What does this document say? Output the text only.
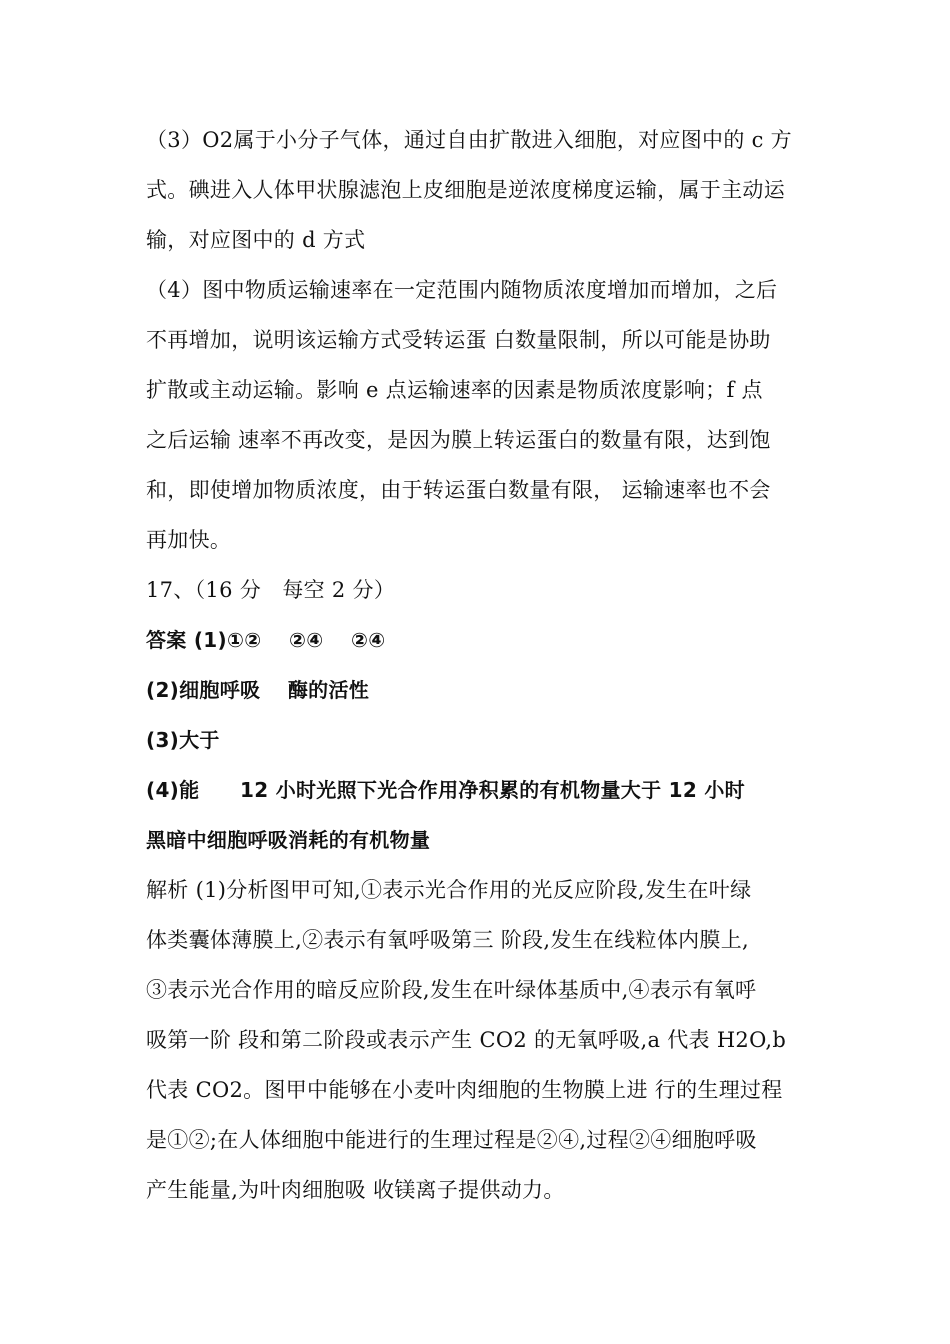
（3）O2属于小分子气体，通过自由扩散进入细胞，对应图中的 c 方
式。碘进入人体甲状腺滤泡上皮细胞是逆浓度梯度运输，属于主动运
输，对应图中的 d 方式
（4）图中物质运输速率在一定范围内随物质浓度增加而增加，之后
不再增加，说明该运输方式受转运蛋 白数量限制，所以可能是协助
扩散或主动运输。影响 e 点运输速率的因素是物质浓度影响；f 点
之后运输 速率不再改变，是因为膜上转运蛋白的数量有限，达到饱
和，即使增加物质浓度，由于转运蛋白数量有限， 运输速率也不会
再加快。
17、（16 分　每空 2 分）
答案 (1)①②　 ②④　 ②④
(2)细胞呼吸　 酶的活性
(3)大于
(4)能　　12 小时光照下光合作用净积累的有机物量大于 12 小时
黑暗中细胞呼吸消耗的有机物量
解析 (1)分析图甲可知,①表示光合作用的光反应阶段,发生在叶绿
体类囊体薄膜上,②表示有氧呼吸第三 阶段,发生在线粒体内膜上,
③表示光合作用的暗反应阶段,发生在叶绿体基质中,④表示有氧呼
吸第一阶 段和第二阶段或表示产生 CO2 的无氧呼吸,a 代表 H2O,b
代表 CO2。图甲中能够在小麦叶肉细胞的生物膜上进 行的生理过程
是①②;在人体细胞中能进行的生理过程是②④,过程②④细胞呼吸
产生能量,为叶肉细胞吸 收镁离子提供动力。
